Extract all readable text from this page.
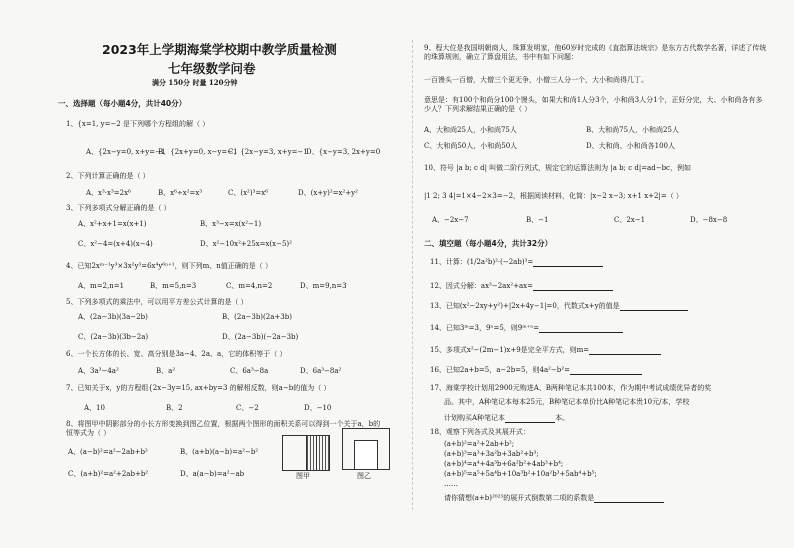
2023年上学期海棠学校期中教学质量检测
七年级数学问卷
满分 150分 时量 120分钟
一、选择题（每小题4分，共计40分）
1、{x=1, y=−2 是下列哪个方程组的解（ ）
A、{2x−y=0, x+y=−1
B、{2x+y=0, x−y=−1
C、{2x−y=3, x+y=−1
D、{x−y=3, 2x+y=0
2、下列计算正确的是（ ）
A、x³·x³=2x⁶	B、x⁶÷x²=x³	C、(x²)³=x⁶	D、(x+y)²=x²+y²
3、下列多项式分解正确的是（ ）
A、x²+x+1=x(x+1)	B、x³−x=x(x²−1)
C、x²−4=(x+4)(x−4)	D、x²−10x²+25x=x(x−5)²
4、已知2xᵐ⁻¹y³×3x²y³=6x⁴y⁶ⁿ⁺¹，则下列m、n值正确的是（ ）
A、m=2,n=1	B、m=5,n=3	C、m=4,n=2	D、m=9,n=3
5、下列多项式的乘法中，可以用平方差公式计算的是（ ）
A、(2a−3b)(3a−2b)	B、(2a−3b)(2a+3b)
C、(2a−3b)(3b−2a)	D、(2a−3b)(−2a−3b)
6、一个长方体的长、宽、高分别是3a−4、2a、a，它的体积等于（ ）
A、3a³−4a²	B、a²	C、6a³−8a	D、6a³−8a²
7、已知关于x，y的方程组{2x−3y=15, ax+by=3 的解相反数，则a−b的值为（ ）
A、10	B、2	C、−2	D、−10
8、将图甲中阴影部分的小长方形变换到图乙位置，根据两个图形的面积关系可以得到一个关于a，b的恒等式为（ ）
A、(a−b)²=a²−2ab+b²	B、(a+b)(a−b)=a²−b²
C、(a+b)²=a²+2ab+b²	D、a(a−b)=a²−ab	图甲	图乙
9、程大位是我国明朝商人，珠算发明家，他60岁时完成的《直指算法统宗》是东方古代数学名著，详述了传统的珠算规则，确立了算盘用法，书中有如下问题：
一百馒头一百僧，大僧三个更无争，小僧三人分一个，大小和尚得几丁。
意思是：有100个和尚分100个馒头，如果大和尚1人分3个，小和尚3人分1个，正好分完，大、小和尚各有多少人？下列求解结果正确的是（ ）
A、大和尚25人，小和尚75人	B、大和尚75人，小和尚25人
C、大和尚50人，小和尚50人	D、大和尚、小和尚各100人
10、符号 |a b; c d| 叫做二阶行列式，规定它的运算法则为 |a b; c d|=ad−bc，例如
|1 2; 3 4|=1×4−2×3=−2，根据阅读材料，化简：|x−2 x−3; x+1 x+2|=（ ）
A、−2x−7	B、−1	C、2x−1	D、−8x−8
二、填空题（每小题4分，共计32分）
11、计算：(1/2a²b)²·(−2ab)³=
12、因式分解：ax³−2ax²+ax=
13、已知(x²−2xy+y²)+|2x+4y−1|=0，代数式x+y的值是
14、已知3ᵐ=3，9ⁿ=5，则9ᵐ⁺ⁿ=
15、多项式x²−(2m−1)x+9是完全平方式，则m=
16、已知2a+b=5，a−2b=5，则4a²−b²=
17、海棠学校计划用2900元购进A、B两种笔记本共100本，作为期中考试成绩优异者的奖
品。其中，A种笔记本每本25元，B种笔记本单价比A种笔记本贵10元/本，学校
计划购买A种笔记本	本。
18、观察下列各式及其展开式：
(a+b)²=a²+2ab+b²;
(a+b)³=a³+3a²b+3ab²+b³;
(a+b)⁴=a⁴+4a³b+6a²b²+4ab³+b⁴;
(a+b)⁵=a⁵+5a⁴b+10a³b²+10a²b³+5ab⁴+b⁵;
……
请你猜想(a+b)²⁰²³的展开式倒数第二项的系数是
